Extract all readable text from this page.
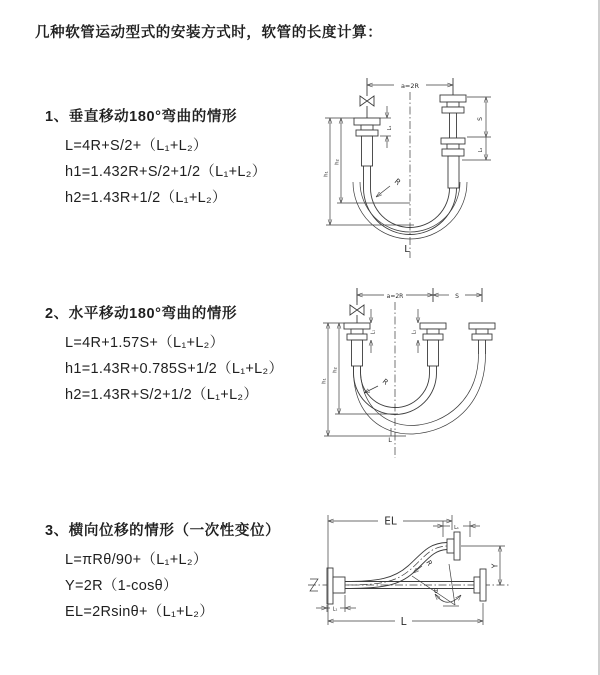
几种软管运动型式的安装方式时，软管的长度计算：
1、垂直移动180°弯曲的情形
L=4R+S/2+（L₁+L₂）
h1=1.432R+S/2+1/2（L₁+L₂）
h2=1.43R+1/2（L₁+L₂）
2、水平移动180°弯曲的情形
L=4R+1.57S+（L₁+L₂）
h1=1.43R+0.785S+1/2（L₁+L₂）
h2=1.43R+S/2+1/2（L₁+L₂）
3、横向位移的情形（一次性变位）
L=πRθ/90+（L₁+L₂）
Y=2R（1-cosθ）
EL=2Rsinθ+（L₁+L₂）
a=2R
L₁
S
L₂
h₁
h₂
R
L
a=2R	S
L₁	L₂
h₁
h₂
R
L
EL
L₁
Y
R
θ
L
L₁
